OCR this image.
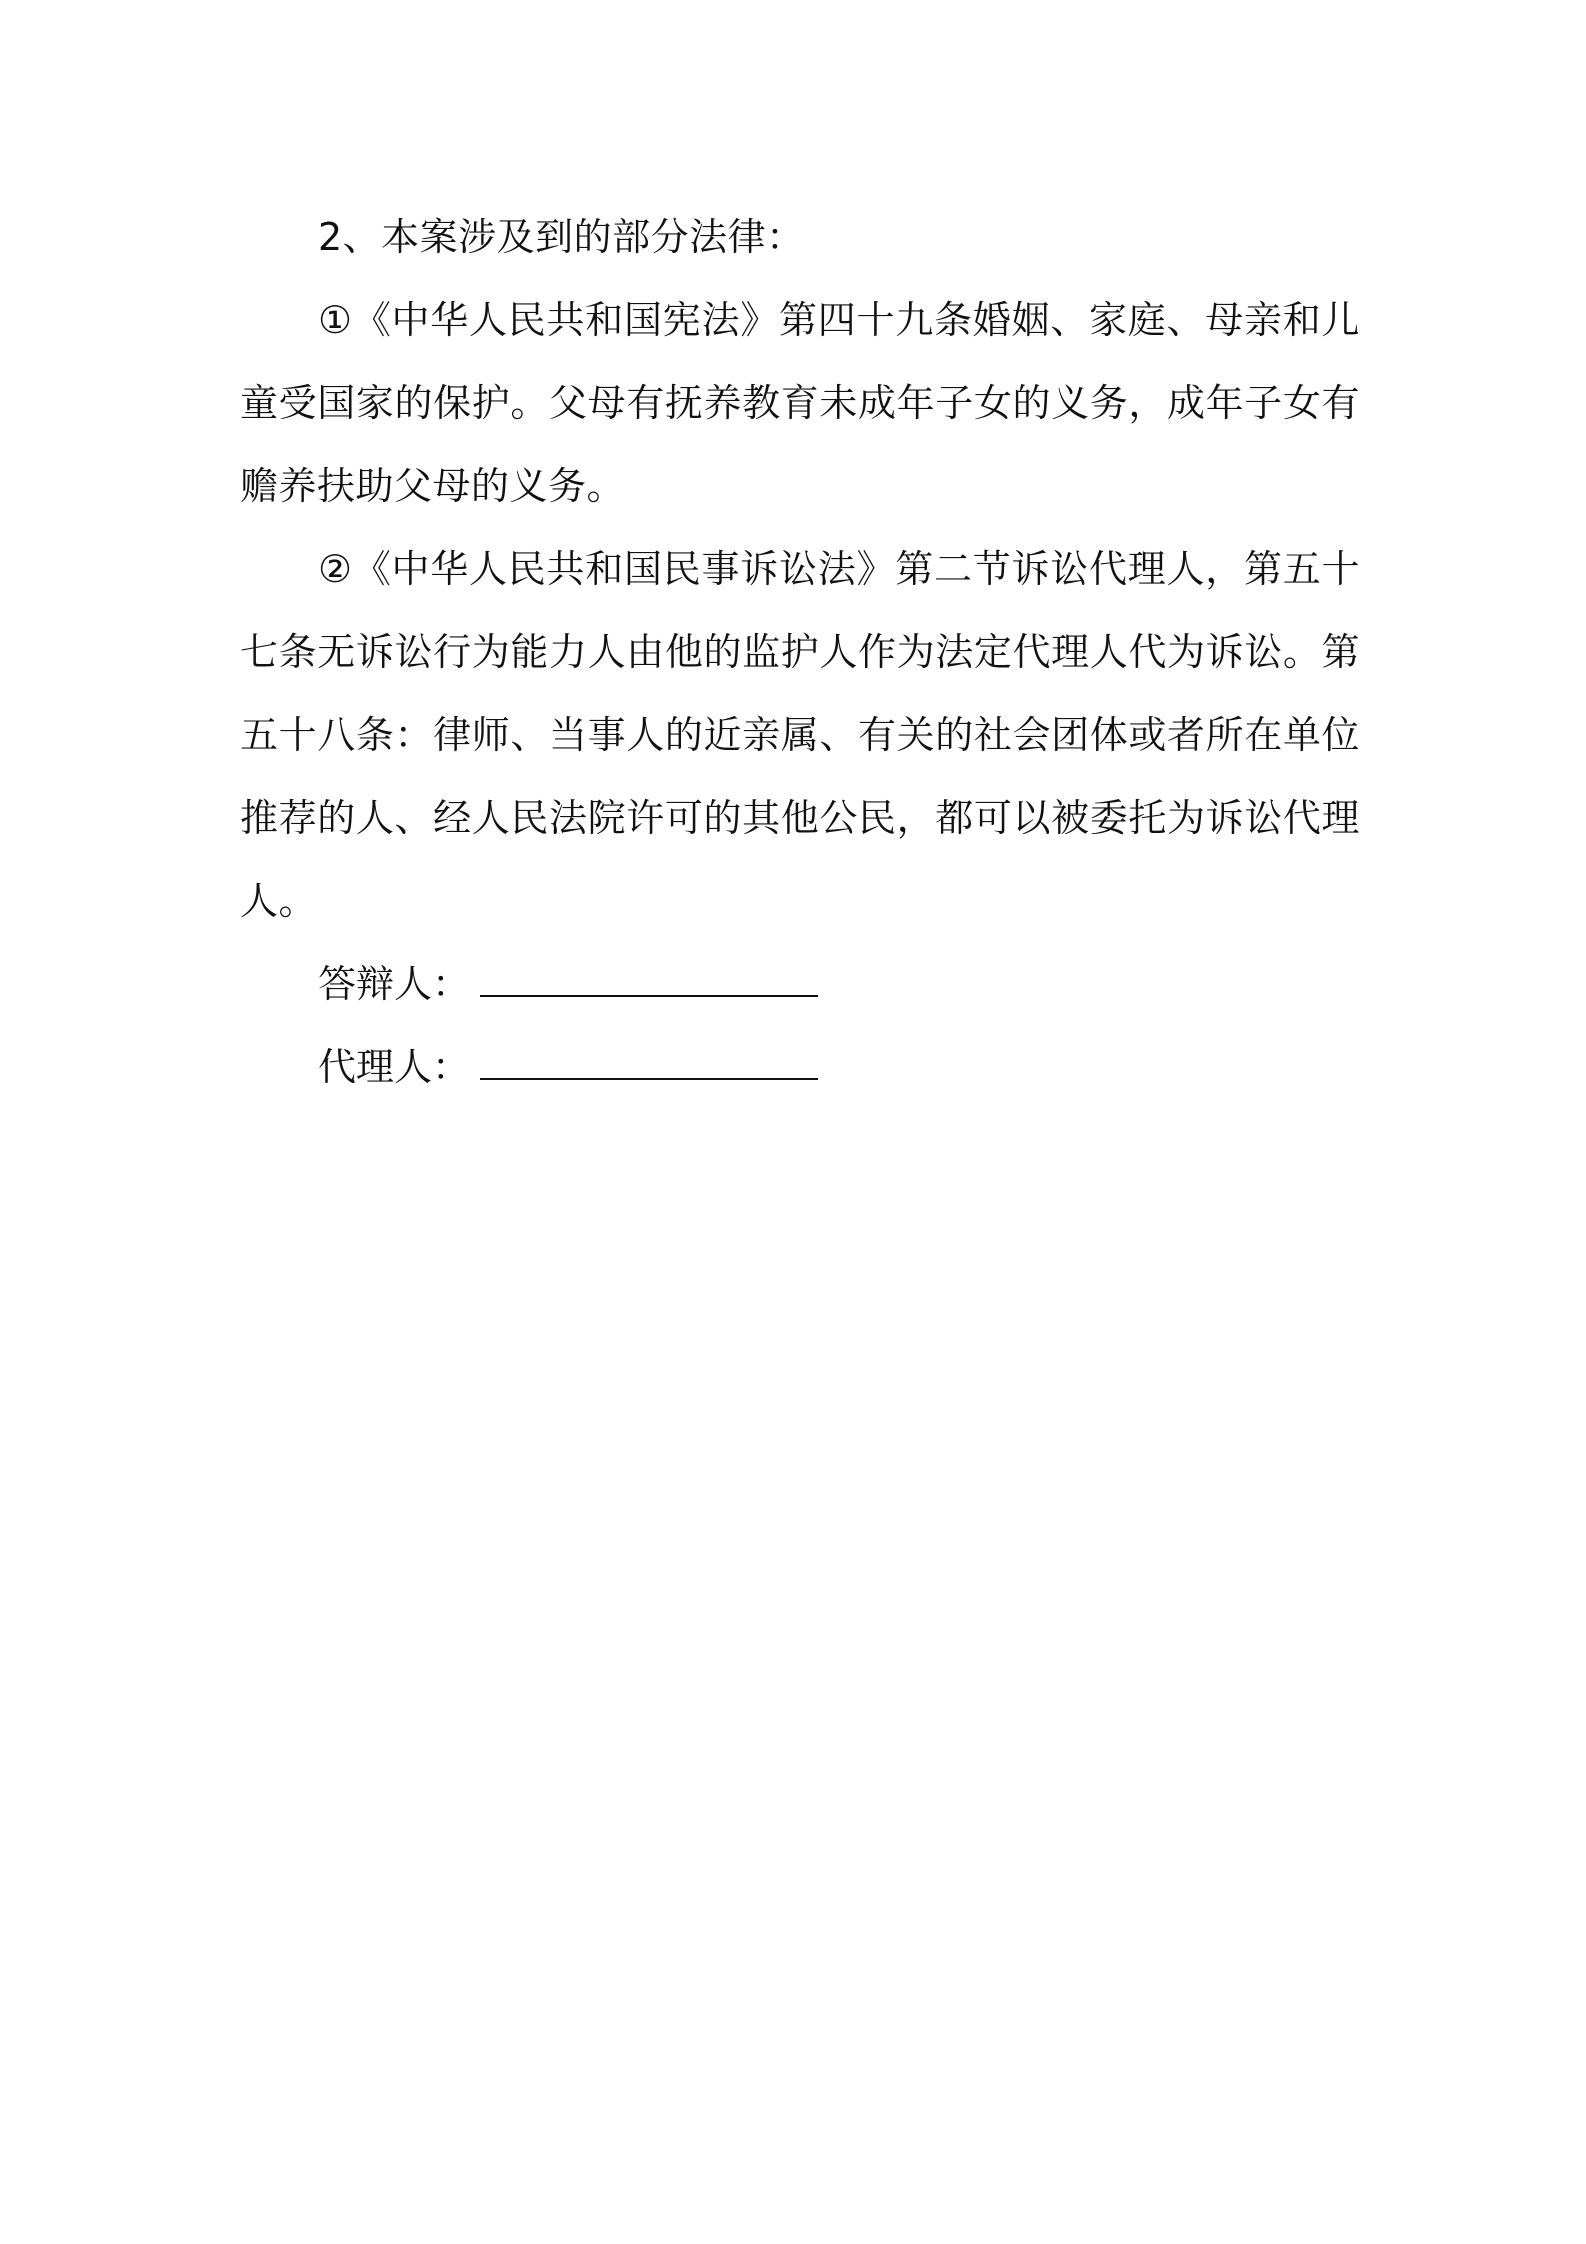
2、本案涉及到的部分法律：

①《中华人民共和国宪法》第四十九条婚姻、家庭、母亲和儿童受国家的保护。父母有抚养教育未成年子女的义务，成年子女有赡养扶助父母的义务。

②《中华人民共和国民事诉讼法》第二节诉讼代理人，第五十七条无诉讼行为能力人由他的监护人作为法定代理人代为诉讼。第五十八条：律师、当事人的近亲属、有关的社会团体或者所在单位推荐的人、经人民法院许可的其他公民，都可以被委托为诉讼代理人。

答辩人：

代理人：
